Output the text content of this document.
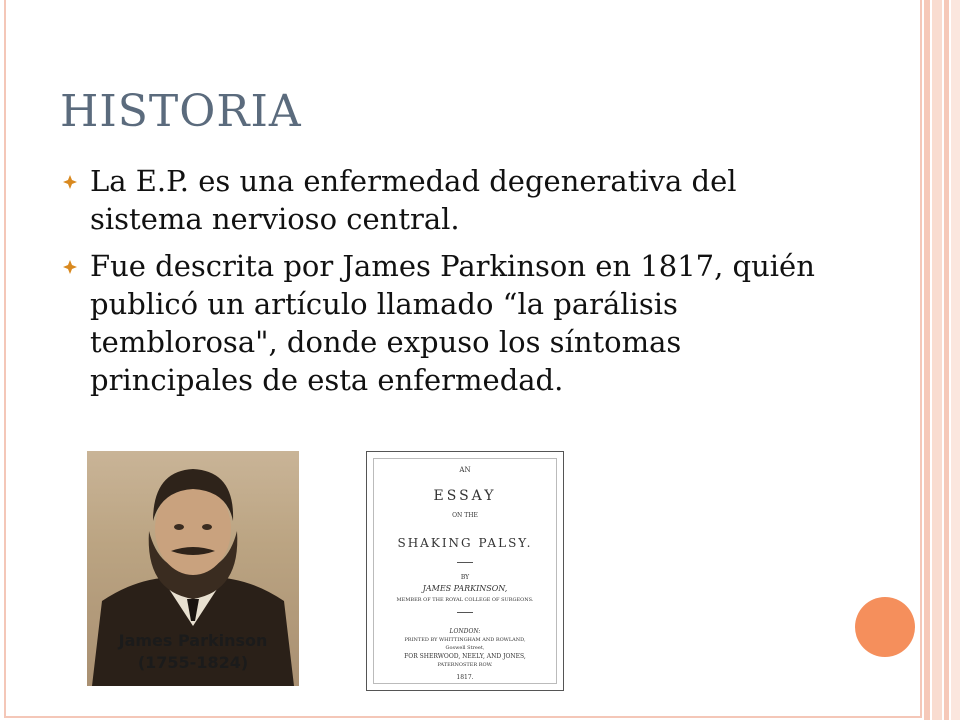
HISTORIA
La E.P. es una enfermedad degenerativa del sistema nervioso central.
Fue descrita por James Parkinson en 1817, quién publicó un artículo llamado “la parálisis temblorosa", donde expuso los síntomas principales de esta enfermedad.
James Parkinson
(1755-1824)
AN
ESSAY
ON THE
SHAKING PALSY.
BY
JAMES PARKINSON,
MEMBER OF THE ROYAL COLLEGE OF SURGEONS.
LONDON:
PRINTED BY WHITTINGHAM AND ROWLAND,
Goswell Street,
FOR SHERWOOD, NEELY, AND JONES,
PATERNOSTER ROW.
1817.
